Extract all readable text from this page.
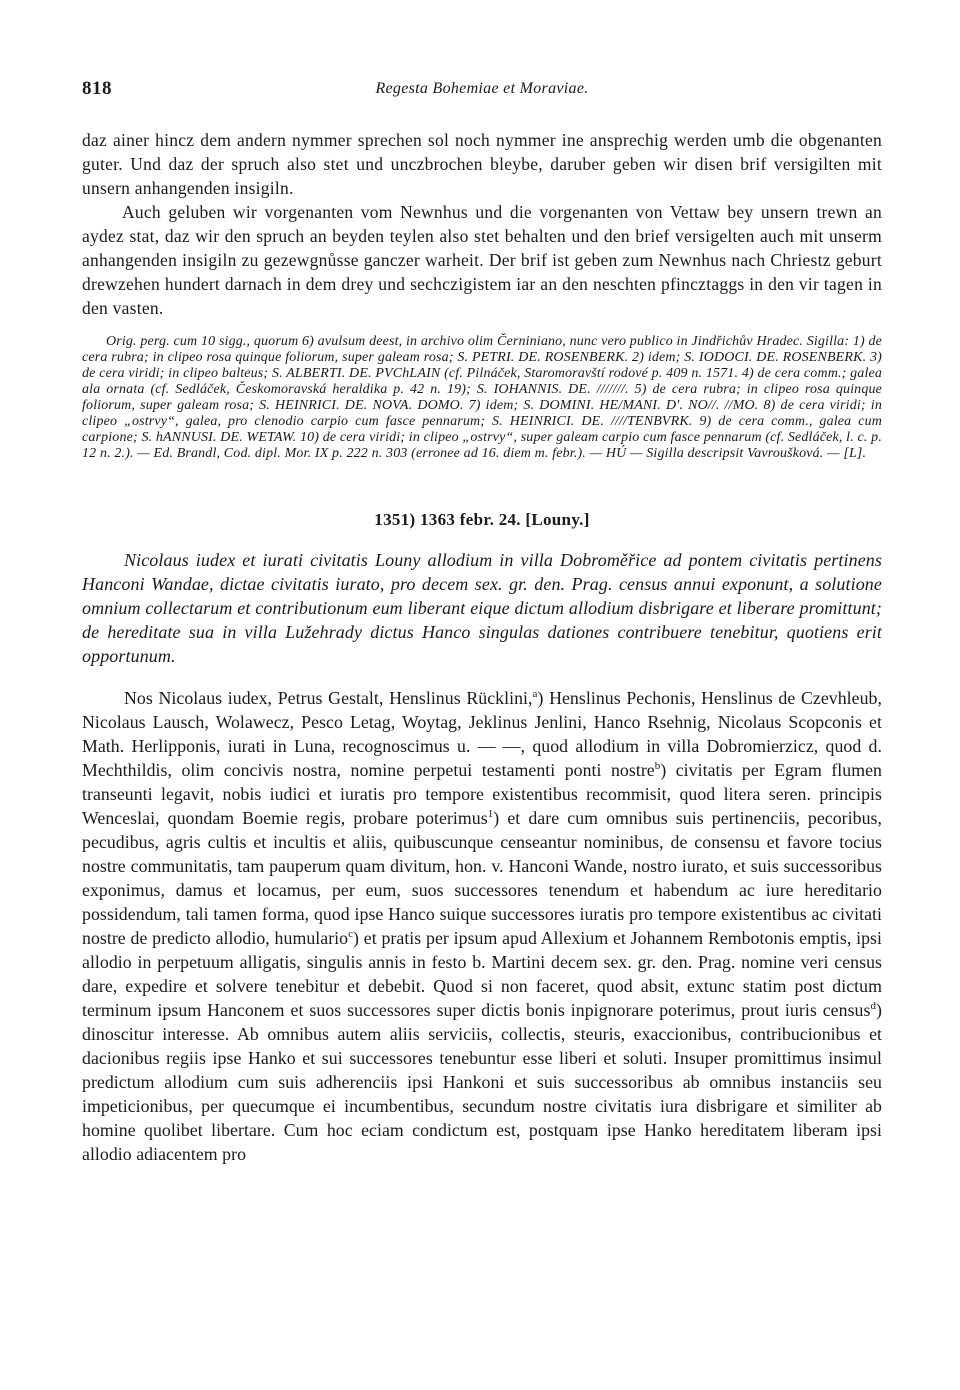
818	Regesta Bohemiae et Moraviae.

daz ainer hincz dem andern nymmer sprechen sol noch nymmer ine ansprechig werden umb die obgenanten guter. Und daz der spruch also stet und unczbrochen bleybe, daruber geben wir disen brif versigilten mit unsern anhangenden insigiln.

Auch geluben wir vorgenanten vom Newnhus und die vorgenanten von Vettaw bey unsern trewn an aydez stat, daz wir den spruch an beyden teylen also stet behalten und den brief versigelten auch mit unserm anhangenden insigiln zu gezewgnůsse ganczer warheit. Der brif ist geben zum Newnhus nach Chriestz geburt drewzehen hundert darnach in dem drey und sechczigistem iar an den neschten pfincztaggs in den vir tagen in den vasten.

Orig. perg. cum 10 sigg., quorum 6) avulsum deest, in archivo olim Černiniano, nunc vero publico in Jindřichův Hradec. Sigilla: 1) de cera rubra; in clipeo rosa quinque foliorum, super galeam rosa; S. PETRI. DE. ROSENBERK. 2) idem; S. IODOCI. DE. ROSENBERK. 3) de cera viridi; in clipeo balteus; S. ALBERTI. DE. PVChLAIN (cf. Pilnáček, Staromoravští rodové p. 409 n. 1571. 4) de cera comm.; galea ala ornata (cf. Sedláček, Českomoravská heraldika p. 42 n. 19); S. IOHANNIS. DE. ///////. 5) de cera rubra; in clipeo rosa quinque foliorum, super galeam rosa; S. HEINRICI. DE. NOVA. DOMO. 7) idem; S. DOMINI. HE/MANI. D'. NO//. //MO. 8) de cera viridi; in clipeo „ostrvy“, galea, pro clenodio carpio cum fasce pennarum; S. HEINRICI. DE. ////TENBVRK. 9) de cera comm., galea cum carpione; S. hANNUSI. DE. WETAW. 10) de cera viridi; in clipeo „ostrvy“, super galeam carpio cum fasce pennarum (cf. Sedláček, l. c. p. 12 n. 2.). — Ed. Brandl, Cod. dipl. Mor. IX p. 222 n. 303 (erronee ad 16. diem m. febr.). — HÚ — Sigilla descripsit Vavroušková. — [L].

1351) 1363 febr. 24. [Louny.]

Nicolaus iudex et iurati civitatis Louny allodium in villa Dobroměřice ad pontem civitatis pertinens Hanconi Wandae, dictae civitatis iurato, pro decem sex. gr. den. Prag. census annui exponunt, a solutione omnium collectarum et contributionum eum liberant eique dictum allodium disbrigare et liberare promittunt; de hereditate sua in villa Lužehrady dictus Hanco singulas dationes contribuere tenebitur, quotiens erit opportunum.

Nos Nicolaus iudex, Petrus Gestalt, Henslinus Rücklini,$^a$) Henslinus Pechonis, Henslinus de Czevhleub, Nicolaus Lausch, Wolawecz, Pesco Letag, Woytag, Jeklinus Jenlini, Hanco Rsehnig, Nicolaus Scopconis et Math. Herlipponis, iurati in Luna, recognoscimus u. — —, quod allodium in villa Dobromierzicz, quod d. Mechthildis, olim concivis nostra, nomine perpetui testamenti ponti nostre$^b$) civitatis per Egram flumen transeunti legavit, nobis iudici et iuratis pro tempore existentibus recommisit, quod litera seren. principis Wenceslai, quondam Boemie regis, probare poterimus$^1$) et dare cum omnibus suis pertinenciis, pecoribus, pecudibus, agris cultis et incultis et aliis, quibuscunque censeantur nominibus, de consensu et favore tocius nostre communitatis, tam pauperum quam divitum, hon. v. Hanconi Wande, nostro iurato, et suis successoribus exponimus, damus et locamus, per eum, suos successores tenendum et habendum ac iure hereditario possidendum, tali tamen forma, quod ipse Hanco suique successores iuratis pro tempore existentibus ac civitati nostre de predicto allodio, humulario$^c$) et pratis per ipsum apud Allexium et Johannem Rembotonis emptis, ipsi allodio in perpetuum alligatis, singulis annis in festo b. Martini decem sex. gr. den. Prag. nomine veri census dare, expedire et solvere tenebitur et debebit. Quod si non faceret, quod absit, extunc statim post dictum terminum ipsum Hanconem et suos successores super dictis bonis inpignorare poterimus, prout iuris census$^d$) dinoscitur interesse. Ab omnibus autem aliis serviciis, collectis, steuris, exaccionibus, contribucionibus et dacionibus regiis ipse Hanko et sui successores tenebuntur esse liberi et soluti. Insuper promittimus insimul predictum allodium cum suis adherenciis ipsi Hankoni et suis successoribus ab omnibus instanciis seu impeticionibus, per quecumque ei incumbentibus, secundum nostre civitatis iura disbrigare et similiter ab homine quolibet libertare. Cum hoc eciam condictum est, postquam ipse Hanko hereditatem liberam ipsi allodio adiacentem pro
